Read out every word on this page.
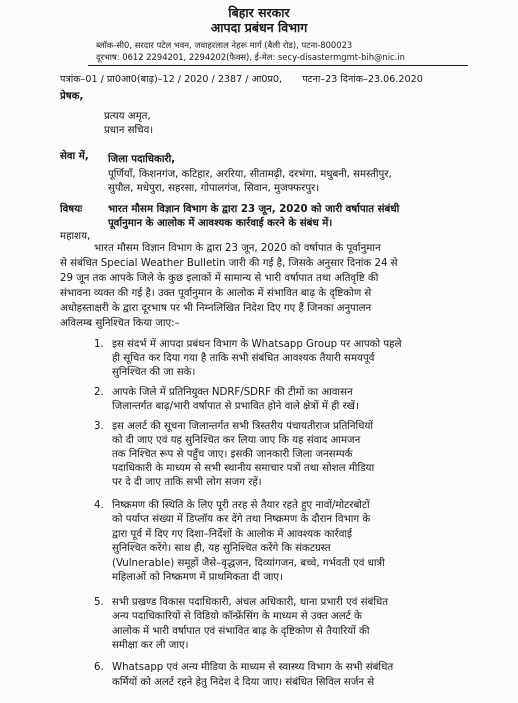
बिहार सरकार
आपदा प्रबंधन विभाग
ब्लॉक-सी0, सरदार पटेल भवन, जवाहरलाल नेहरू मार्ग (बैली रोड), पटना-800023
दूरभाष: 0612 2294201, 2294202(फैक्स), ई-मेल: secy-disastermgmt-bih@nic.in
पत्रांक–01 / प्रा0आ0(बाढ़)–12 / 2020 / 2387 / आ0प्र0, पटना–23 दिनांक–23.06.2020
प्रेषक,
प्रत्यय अमृत,
प्रधान सचिव।
सेवा में, जिला पदाधिकारी,
पूर्णियाँ, किशनगंज, कटिहार, अररिया, सीतामढ़ी, दरभंगा, मधुबनी, समस्तीपुर,
सुपौल, मधेपुरा, सहरसा, गोपालगंज, सिवान, मुजफ्फरपुर।
विषयः	भारत मौसम विज्ञान विभाग के द्वारा 23 जून, 2020 को जारी वर्षापात संबंधी
पूर्वानुमान के आलोक में आवश्यक कार्रवाई करने के संबंध में।
महाशय,
भारत मौसम विज्ञान विभाग के द्वारा 23 जून, 2020 को वर्षापात के पूर्वानुमान
से संबंधित Special Weather Bulletin जारी की गई है, जिसके अनुसार दिनांक 24 से
29 जून तक आपके जिले के कुछ इलाकों में सामान्य से भारी वर्षापात तथा अतिवृष्टि की
संभावना व्यक्त की गई है। उक्त पूर्वानुमान के आलोक में संभावित बाढ़ के दृष्टिकोण से
अधोहस्ताक्षरी के द्वारा दूरभाष पर भी निम्नलिखित निदेश दिए गए हैं जिनका अनुपालन
अविलम्ब सुनिश्चित किया जाए:–
1. इस संदर्भ में आपदा प्रबंधन विभाग के Whatsapp Group पर आपको पहले
ही सूचित कर दिया गया है ताकि सभी संबंधित आवश्यक तैयारी समयपूर्व
सुनिश्चित की जा सके।
2. आपके जिले में प्रतिनियुक्त NDRF/SDRF की टीमों का आवासन
जिलान्तर्गत बाढ़/भारी वर्षापात से प्रभावित होने वाले क्षेत्रों में ही रखें।
3. इस अलर्ट की सूचना जिलान्तर्गत सभी त्रिस्तरीय पंचायतीराज प्रतिनिधियों
को दी जाए एवं यह सुनिश्चित कर लिया जाए कि यह संवाद आमजन
तक निश्चित रूप से पहुँच जाए। इसकी जानकारी जिला जनसम्पर्क
पदाधिकारी के माध्यम से सभी स्थानीय समाचार पत्रों तथा सोशल मीडिया
पर दे दी जाए ताकि सभी लोग सजग रहें।
4. निष्क्रमण की स्थिति के लिए पूरी तरह से तैयार रहते हुए नावों/मोटरबोटों
को पर्याप्त संख्या में डिप्लॉय कर देंगे तथा निष्क्रमण के दौरान विभाग के
द्वारा पूर्व में दिए गए दिशा–निर्देशों के आलोक में आवश्यक कार्रवाई
सुनिश्चित करेंगे। साथ ही, यह सुनिश्चित करेंगे कि संकटग्रस्त
(Vulnerable) समूहों जैसे–वृद्धजन, दिव्यांगजन, बच्चे, गर्भवती एवं धात्री
महिलाओं को निष्क्रमण में प्राथमिकता दी जाए।
5. सभी प्रखण्ड विकास पदाधिकारी, अंचल अधिकारी, थाना प्रभारी एवं संबंधित
अन्य पदाधिकारियों से विडियो कॉन्फ्रेंसिंग के माध्यम से उक्त अलर्ट के
आलोक में भारी वर्षापात एवं संभावित बाढ़ के दृष्टिकोण से तैयारियों की
समीक्षा कर ली जाए।
6. Whatsapp एवं अन्य मीडिया के माध्यम से स्वास्थ्य विभाग के सभी संबंधित
कर्मियों को अलर्ट रहने हेतु निदेश दे दिया जाए। संबंधित सिविल सर्जन से
